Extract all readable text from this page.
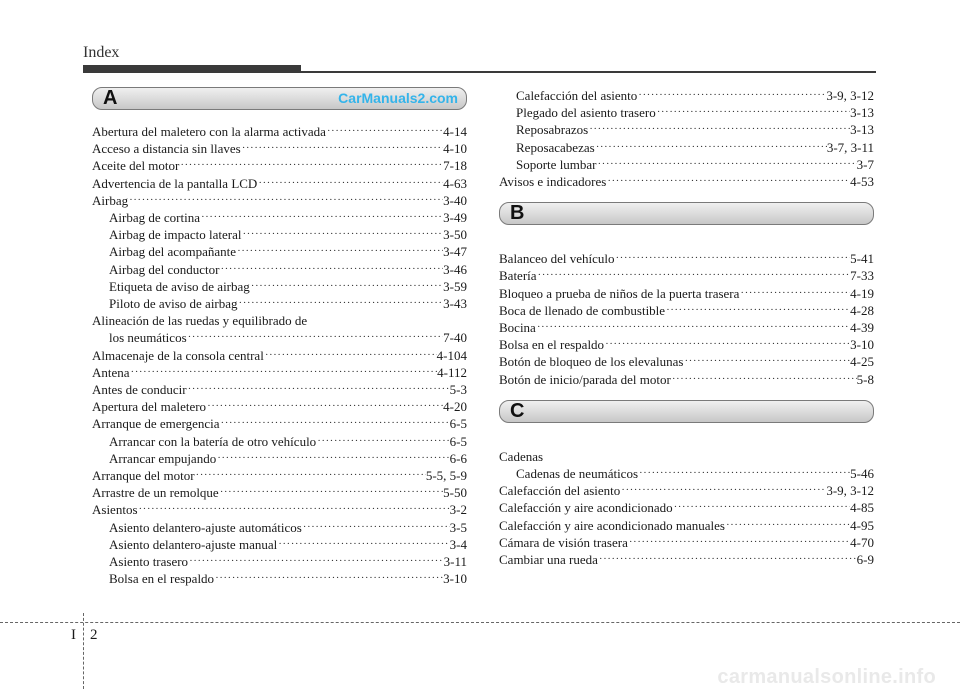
Index
A	CarManuals2.com
Abertura del maletero con la alarma activada ·····	4-14
Acceso a distancia sin llaves ·····	4-10
Aceite del motor ·····	7-18
Advertencia de la pantalla LCD ·····	4-63
Airbag ·····	3-40
Airbag de cortina ·····	3-49
Airbag de impacto lateral ·····	3-50
Airbag del acompañante ·····	3-47
Airbag del conductor ·····	3-46
Etiqueta de aviso de airbag ·····	3-59
Piloto de aviso de airbag ·····	3-43
Alineación de las ruedas y equilibrado de
los neumáticos ·····	7-40
Almacenaje de la consola central ·····	4-104
Antena ·····	4-112
Antes de conducir ·····	5-3
Apertura del maletero ·····	4-20
Arranque de emergencia ·····	6-5
Arrancar con la batería de otro vehículo ·····	6-5
Arrancar empujando ·····	6-6
Arranque del motor ·····	5-5, 5-9
Arrastre de un remolque ·····	5-50
Asientos ·····	3-2
Asiento delantero-ajuste automáticos ·····	3-5
Asiento delantero-ajuste manual ·····	3-4
Asiento trasero ·····	3-11
Bolsa en el respaldo ·····	3-10
Calefacción del asiento ·····	3-9, 3-12
Plegado del asiento trasero ·····	3-13
Reposabrazos ·····	3-13
Reposacabezas ·····	3-7, 3-11
Soporte lumbar ·····	3-7
Avisos e indicadores ·····	4-53
B
Balanceo del vehículo ·····	5-41
Batería ·····	7-33
Bloqueo a prueba de niños de la puerta trasera ·····	4-19
Boca de llenado de combustible ·····	4-28
Bocina ·····	4-39
Bolsa en el respaldo ·····	3-10
Botón de bloqueo de los elevalunas ·····	4-25
Botón de inicio/parada del motor ·····	5-8
C
Cadenas
Cadenas de neumáticos ·····	5-46
Calefacción del asiento ·····	3-9, 3-12
Calefacción y aire acondicionado ·····	4-85
Calefacción y aire acondicionado manuales ·····	4-95
Cámara de visión trasera ·····	4-70
Cambiar una rueda ·····	6-9
I 2
carmanualsonline.info
